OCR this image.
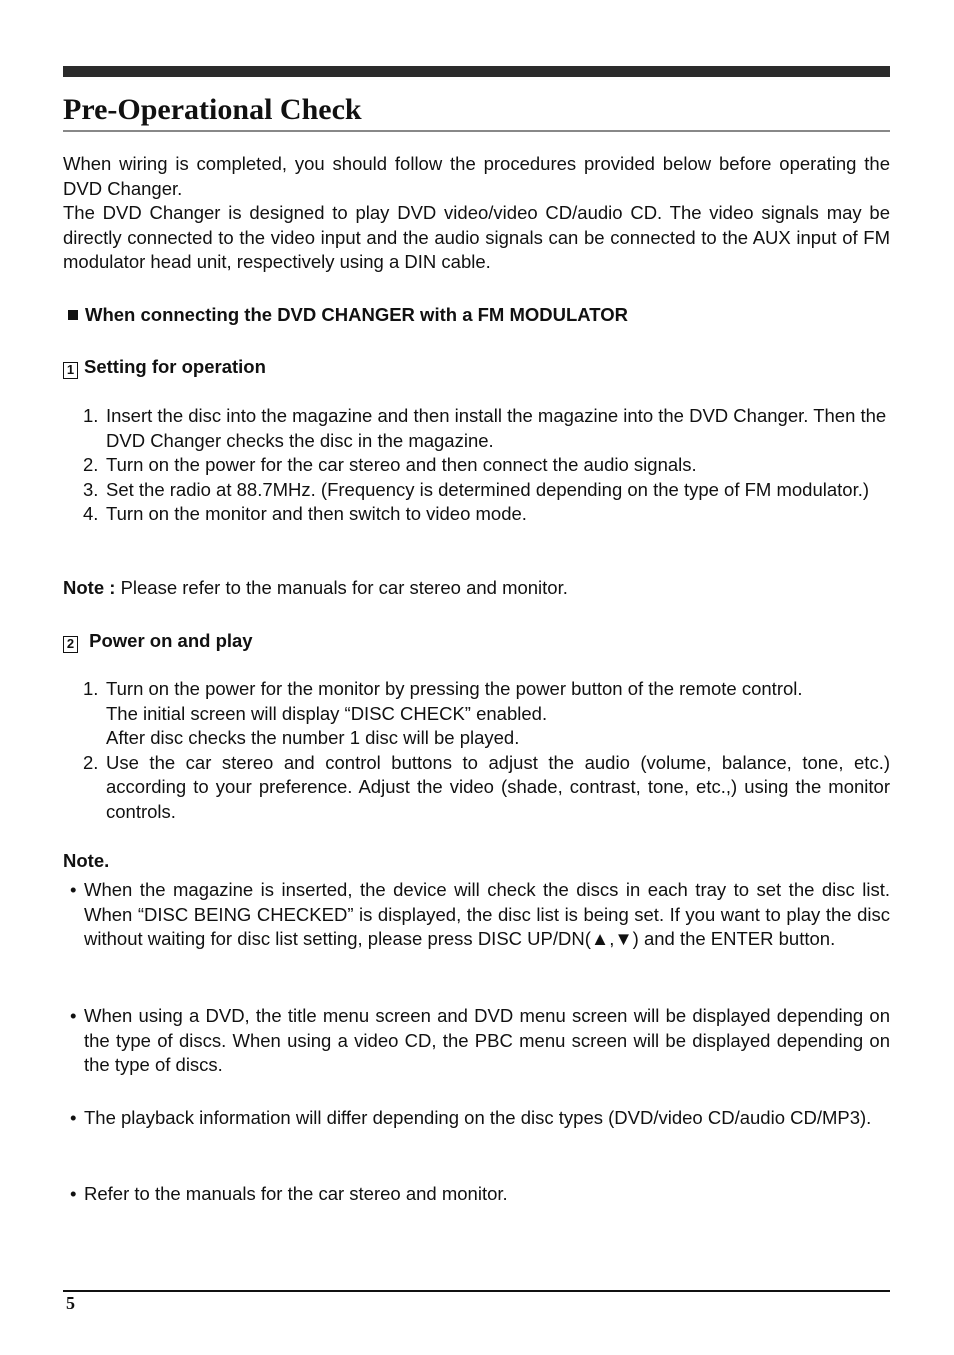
Pre-Operational Check

When wiring is completed, you should follow the procedures provided below before operating the DVD Changer.

The DVD Changer is designed to play DVD video/video CD/audio CD. The video signals may be directly connected to the video input and the audio signals can be connected to the AUX input of FM modulator head unit, respectively using a DIN cable.

When connecting the DVD CHANGER with a FM MODULATOR
1 Setting for operation
1. Insert the disc into the magazine and then install the magazine into the DVD Changer. Then the DVD Changer checks the disc in the magazine.
2. Turn on the power for the car stereo and then connect the audio signals.
3. Set the radio at 88.7MHz. (Frequency is determined depending on the type of FM modulator.)
4. Turn on the monitor and then switch to video mode.
Note : Please refer to the manuals for car stereo and monitor.
2 Power on and play
1. Turn on the power for the monitor by pressing the power button of the remote control.
The initial screen will display “DISC CHECK” enabled.
After disc checks the number 1 disc will be played.
2. Use the car stereo and control buttons to adjust the audio (volume, balance, tone, etc.) according to your preference. Adjust the video (shade, contrast, tone, etc.,) using the monitor controls.
Note.
• When the magazine is inserted, the device will check the discs in each tray to set the disc list. When “DISC BEING CHECKED” is displayed, the disc list is being set. If you want to play the disc without waiting for disc list setting, please press DISC UP/DN(▲,▼) and the ENTER button.
• When using a DVD, the title menu screen and DVD menu screen will be displayed depending on the type of discs. When using a video CD, the PBC menu screen will be displayed depending on the type of discs.
• The playback information will differ depending on the disc types (DVD/video CD/audio CD/MP3).
• Refer to the manuals for the car stereo and monitor.
5
